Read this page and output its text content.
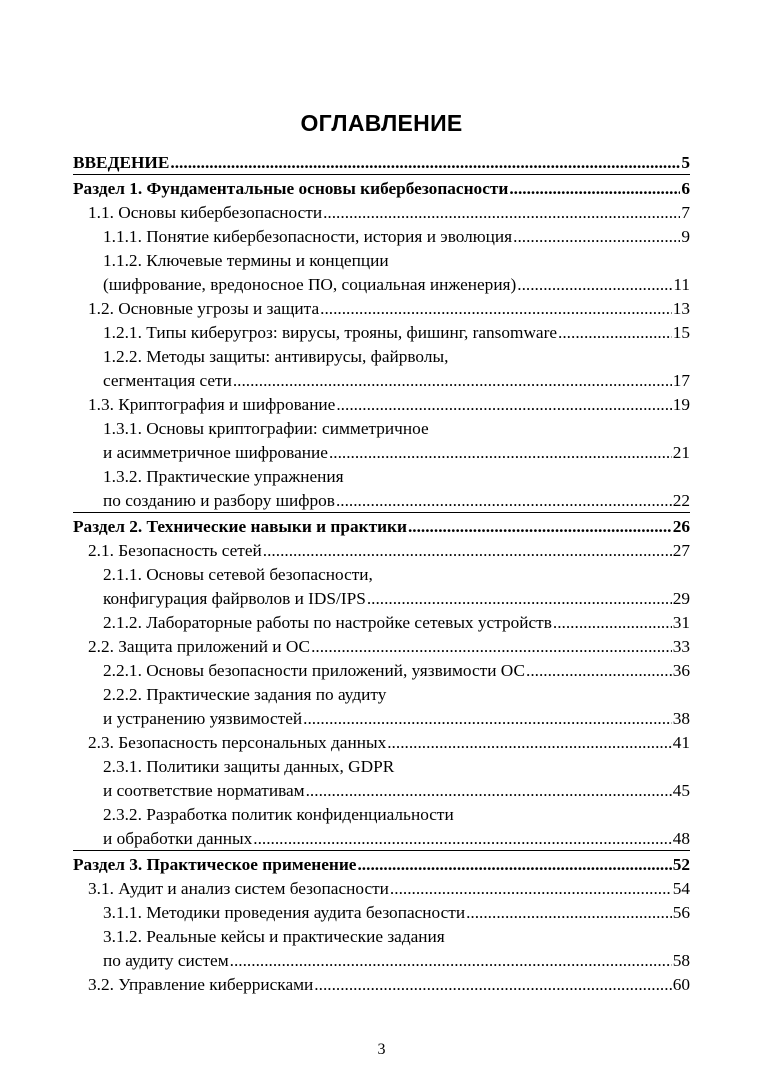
ОГЛАВЛЕНИЕ
ВВЕДЕНИЕ .....	5
Раздел 1. Фундаментальные основы кибербезопасности .....	6
1.1. Основы кибербезопасности .....	7
1.1.1. Понятие кибербезопасности, история и эволюция .....	9
1.1.2. Ключевые термины и концепции
(шифрование, вредоносное ПО, социальная инженерия) .....	11
1.2. Основные угрозы и защита .....	13
1.2.1. Типы киберугроз: вирусы, трояны, фишинг, ransomware .....	15
1.2.2. Методы защиты: антивирусы, файрволы,
сегментация сети .....	17
1.3. Криптография и шифрование .....	19
1.3.1. Основы криптографии: симметричное
и асимметричное шифрование .....	21
1.3.2. Практические упражнения
по созданию и разбору шифров .....	22
Раздел 2. Технические навыки и практики .....	26
2.1. Безопасность сетей .....	27
2.1.1. Основы сетевой безопасности,
конфигурация файрволов и IDS/IPS .....	29
2.1.2. Лабораторные работы по настройке сетевых устройств .....	31
2.2. Защита приложений и ОС .....	33
2.2.1. Основы безопасности приложений, уязвимости ОС .....	36
2.2.2. Практические задания по аудиту
и устранению уязвимостей .....	38
2.3. Безопасность персональных данных .....	41
2.3.1. Политики защиты данных, GDPR
и соответствие нормативам .....	45
2.3.2. Разработка политик конфиденциальности
и обработки данных .....	48
Раздел 3. Практическое применение .....	52
3.1. Аудит и анализ систем безопасности .....	54
3.1.1. Методики проведения аудита безопасности .....	56
3.1.2. Реальные кейсы и практические задания
по аудиту систем .....	58
3.2. Управление киберрисками .....	60
3
